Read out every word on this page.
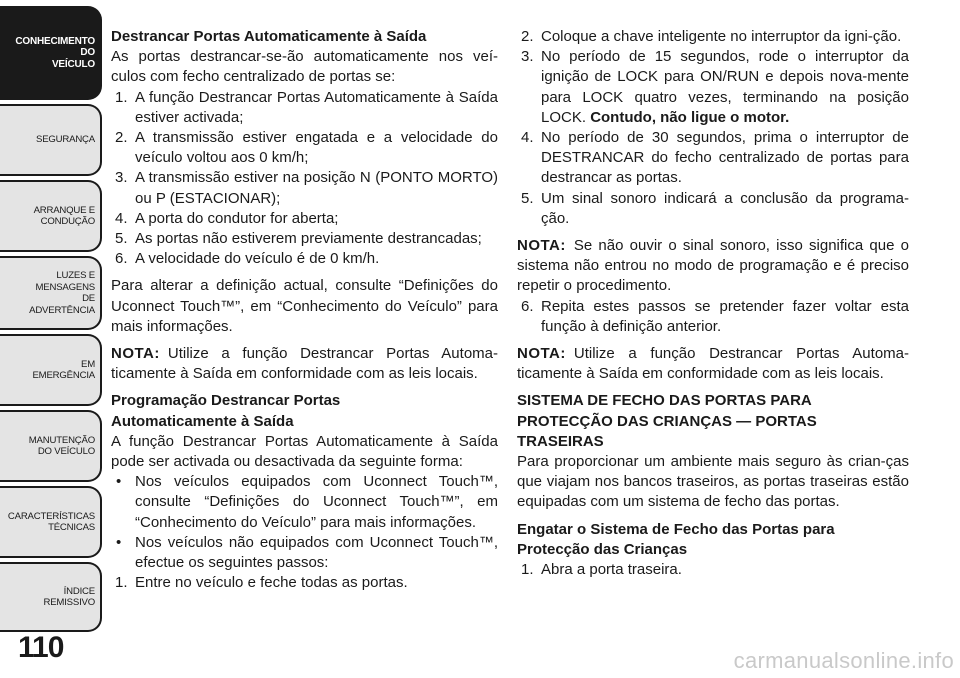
CONHECIMENTO
DO
VEÍCULO
SEGURANÇA
ARRANQUE E
CONDUÇÃO
LUZES E
MENSAGENS
DE
ADVERTÊNCIA
EM
EMERGÊNCIA
MANUTENÇÃO
DO VEÍCULO
CARACTERÍSTICAS
TÉCNICAS
ÍNDICE
REMISSIVO
110
Destrancar Portas Automaticamente à Saída

As portas destrancar-se-ão automaticamente nos veí-culos com fecho centralizado de portas se:

1. A função Destrancar Portas Automaticamente à Saída estiver activada;
2. A transmissão estiver engatada e a velocidade do veículo voltou aos 0 km/h;
3. A transmissão estiver na posição N (PONTO MORTO) ou P (ESTACIONAR);
4. A porta do condutor for aberta;
5. As portas não estiverem previamente destrancadas;
6. A velocidade do veículo é de 0 km/h.

Para alterar a definição actual, consulte “Definições do Uconnect Touch™”, em “Conhecimento do Veículo” para mais informações.

NOTA: Utilize a função Destrancar Portas Automa-ticamente à Saída em conformidade com as leis locais.

Programação Destrancar Portas
Automaticamente à Saída

A função Destrancar Portas Automaticamente à Saída pode ser activada ou desactivada da seguinte forma:

• Nos veículos equipados com Uconnect Touch™, consulte “Definições do Uconnect Touch™”, em “Conhecimento do Veículo” para mais informações.
• Nos veículos não equipados com Uconnect Touch™, efectue os seguintes passos:
1. Entre no veículo e feche todas as portas.
2. Coloque a chave inteligente no interruptor da igni-ção.
3. No período de 15 segundos, rode o interruptor da ignição de LOCK para ON/RUN e depois nova-mente para LOCK quatro vezes, terminando na posição LOCK. Contudo, não ligue o motor.
4. No período de 30 segundos, prima o interruptor de DESTRANCAR do fecho centralizado de portas para destrancar as portas.
5. Um sinal sonoro indicará a conclusão da programa-ção.

NOTA: Se não ouvir o sinal sonoro, isso significa que o sistema não entrou no modo de programação e é preciso repetir o procedimento.

6. Repita estes passos se pretender fazer voltar esta função à definição anterior.

NOTA: Utilize a função Destrancar Portas Automa-ticamente à Saída em conformidade com as leis locais.

SISTEMA DE FECHO DAS PORTAS PARA
PROTECÇÃO DAS CRIANÇAS — PORTAS
TRASEIRAS

Para proporcionar um ambiente mais seguro às crian-ças que viajam nos bancos traseiros, as portas traseiras estão equipadas com um sistema de fecho das portas.

Engatar o Sistema de Fecho das Portas para
Protecção das Crianças
1. Abra a porta traseira.
carmanualsonline.info
